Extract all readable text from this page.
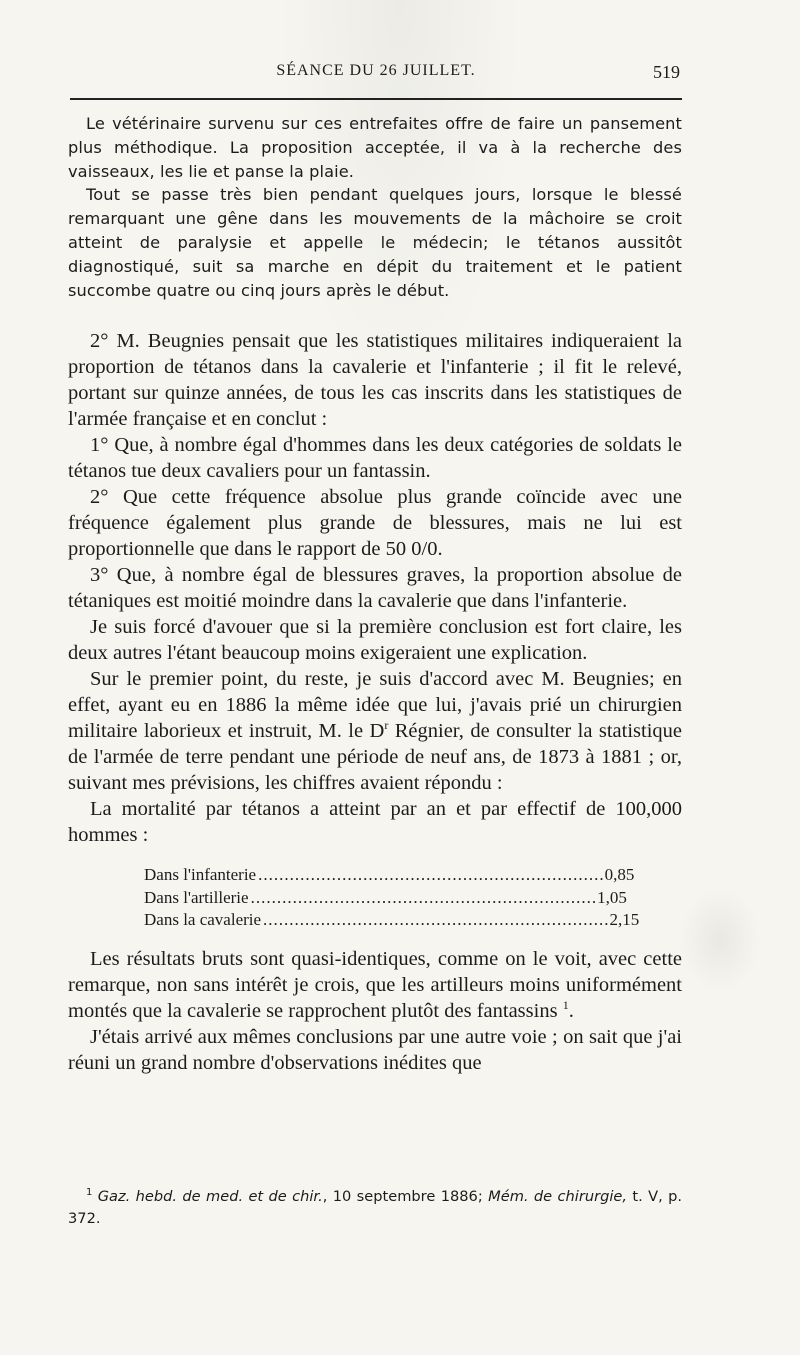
SÉANCE DU 26 JUILLET.	519

Le vétérinaire survenu sur ces entrefaites offre de faire un pansement plus méthodique. La proposition acceptée, il va à la recherche des vaisseaux, les lie et panse la plaie.

Tout se passe très bien pendant quelques jours, lorsque le blessé remarquant une gêne dans les mouvements de la mâchoire se croit atteint de paralysie et appelle le médecin; le tétanos aussitôt diagnostiqué, suit sa marche en dépit du traitement et le patient succombe quatre ou cinq jours après le début.

2° M. Beugnies pensait que les statistiques militaires indiqueraient la proportion de tétanos dans la cavalerie et l'infanterie ; il fit le relevé, portant sur quinze années, de tous les cas inscrits dans les statistiques de l'armée française et en conclut :

1° Que, à nombre égal d'hommes dans les deux catégories de soldats le tétanos tue deux cavaliers pour un fantassin.

2° Que cette fréquence absolue plus grande coïncide avec une fréquence également plus grande de blessures, mais ne lui est proportionnelle que dans le rapport de 50 0/0.

3° Que, à nombre égal de blessures graves, la proportion absolue de tétaniques est moitié moindre dans la cavalerie que dans l'infanterie.

Je suis forcé d'avouer que si la première conclusion est fort claire, les deux autres l'étant beaucoup moins exigeraient une explication.

Sur le premier point, du reste, je suis d'accord avec M. Beugnies; en effet, ayant eu en 1886 la même idée que lui, j'avais prié un chirurgien militaire laborieux et instruit, M. le $D^r$ Régnier, de consulter la statistique de l'armée de terre pendant une période de neuf ans, de 1873 à 1881 ; or, suivant mes prévisions, les chiffres avaient répondu :

La mortalité par tétanos a atteint par an et par effectif de 100,000 hommes :

Dans l'infanterie .................................................................. 0,85
Dans l'artillerie .................................................................. 1,05
Dans la cavalerie .................................................................. 2,15

Les résultats bruts sont quasi-identiques, comme on le voit, avec cette remarque, non sans intérêt je crois, que les artilleurs moins uniformément montés que la cavalerie se rapprochent plutôt des fantassins $^1$.

J'étais arrivé aux mêmes conclusions par une autre voie ; on sait que j'ai réuni un grand nombre d'observations inédites que

$^1$ Gaz. hebd. de med. et de chir., 10 septembre 1886; Mém. de chirurgie, t. V, p. 372.
